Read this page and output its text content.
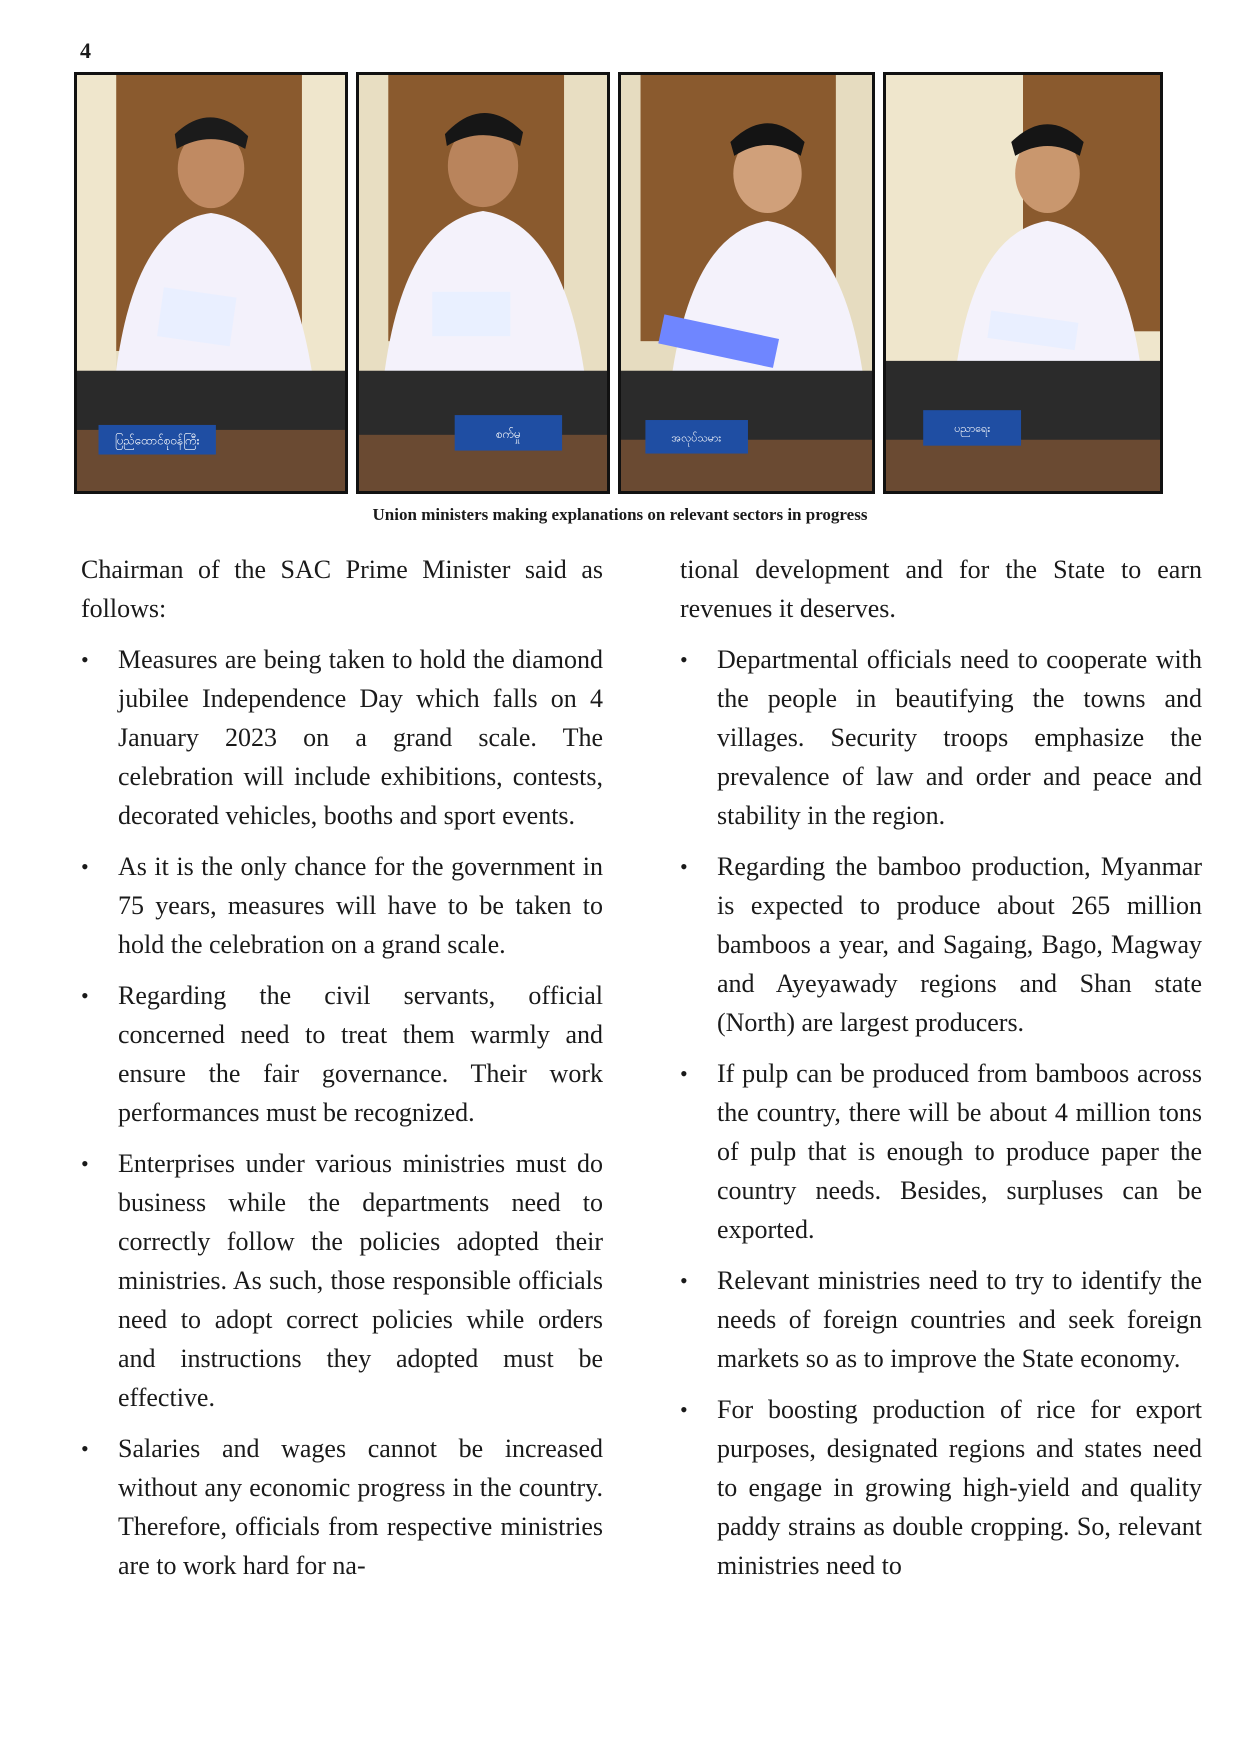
4
ပြည်ထောင်စုဝန်ကြီး	စက်မှု	အလုပ်သမား
ပညာရေး
Union ministers making explanations on relevant sectors in progress

Chairman of the SAC Prime Minister said as follows:

• Measures are being taken to hold the diamond jubilee Independence Day which falls on 4 January 2023 on a grand scale. The celebration will include exhibitions, contests, decorated vehicles, booths and sport events.
• As it is the only chance for the government in 75 years, measures will have to be taken to hold the celebration on a grand scale.
• Regarding the civil servants, official concerned need to treat them warmly and ensure the fair governance. Their work performances must be recognized.
• Enterprises under various ministries must do business while the departments need to correctly follow the policies adopted their ministries. As such, those responsible officials need to adopt correct policies while orders and instructions they adopted must be effective.
• Salaries and wages cannot be increased without any economic progress in the country. Therefore, officials from respective ministries are to work hard for na-

tional development and for the State to earn revenues it deserves.

• Departmental officials need to cooperate with the people in beautifying the towns and villages. Security troops emphasize the prevalence of law and order and peace and stability in the region.
• Regarding the bamboo production, Myanmar is expected to produce about 265 million bamboos a year, and Sagaing, Bago, Magway and Ayeyawady regions and Shan state (North) are largest producers.
• If pulp can be produced from bamboos across the country, there will be about 4 million tons of pulp that is enough to produce paper the country needs. Besides, surpluses can be exported.
• Relevant ministries need to try to identify the needs of foreign countries and seek foreign markets so as to improve the State economy.
• For boosting production of rice for export purposes, designated regions and states need to engage in growing high-yield and quality paddy strains as double cropping. So, relevant ministries need to
